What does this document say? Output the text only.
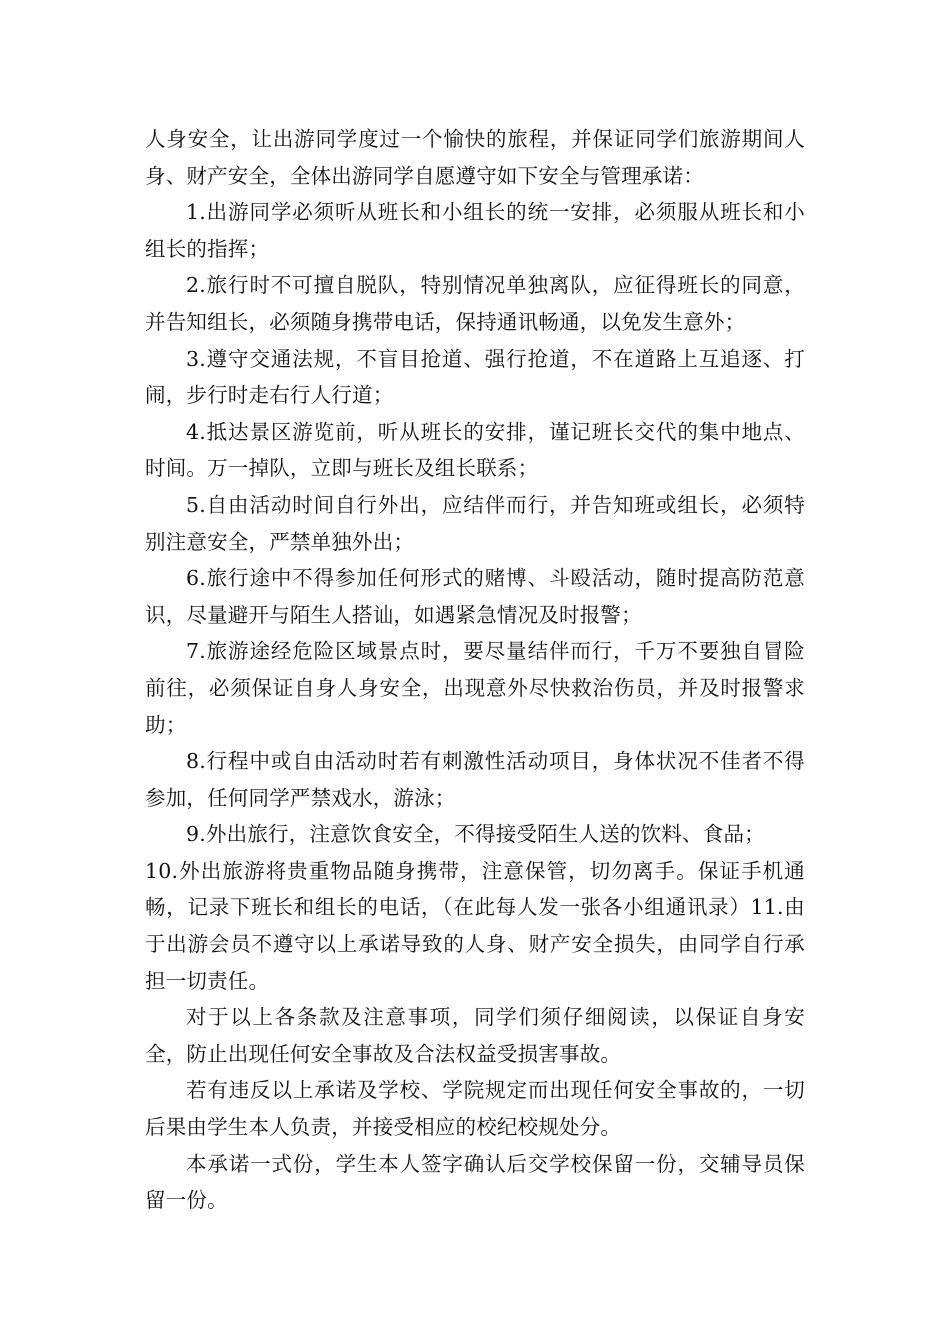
人身安全，让出游同学度过一个愉快的旅程，并保证同学们旅游期间人身、财产安全，全体出游同学自愿遵守如下安全与管理承诺：

1.出游同学必须听从班长和小组长的统一安排，必须服从班长和小组长的指挥；

2.旅行时不可擅自脱队，特别情况单独离队，应征得班长的同意，并告知组长，必须随身携带电话，保持通讯畅通，以免发生意外；

3.遵守交通法规，不盲目抢道、强行抢道，不在道路上互追逐、打闹，步行时走右行人行道；

4.抵达景区游览前，听从班长的安排，谨记班长交代的集中地点、时间。万一掉队，立即与班长及组长联系；

5.自由活动时间自行外出，应结伴而行，并告知班或组长，必须特别注意安全，严禁单独外出；

6.旅行途中不得参加任何形式的赌博、斗殴活动，随时提高防范意识，尽量避开与陌生人搭讪，如遇紧急情况及时报警；

7.旅游途经危险区域景点时，要尽量结伴而行，千万不要独自冒险前往，必须保证自身人身安全，出现意外尽快救治伤员，并及时报警求助；

8.行程中或自由活动时若有刺激性活动项目，身体状况不佳者不得参加，任何同学严禁戏水，游泳；

9.外出旅行，注意饮食安全，不得接受陌生人送的饮料、食品；

10.外出旅游将贵重物品随身携带，注意保管，切勿离手。保证手机通畅，记录下班长和组长的电话，（在此每人发一张各小组通讯录）11.由于出游会员不遵守以上承诺导致的人身、财产安全损失，由同学自行承担一切责任。

对于以上各条款及注意事项，同学们须仔细阅读，以保证自身安全，防止出现任何安全事故及合法权益受损害事故。

若有违反以上承诺及学校、学院规定而出现任何安全事故的，一切后果由学生本人负责，并接受相应的校纪校规处分。

本承诺一式份，学生本人签字确认后交学校保留一份，交辅导员保留一份。
